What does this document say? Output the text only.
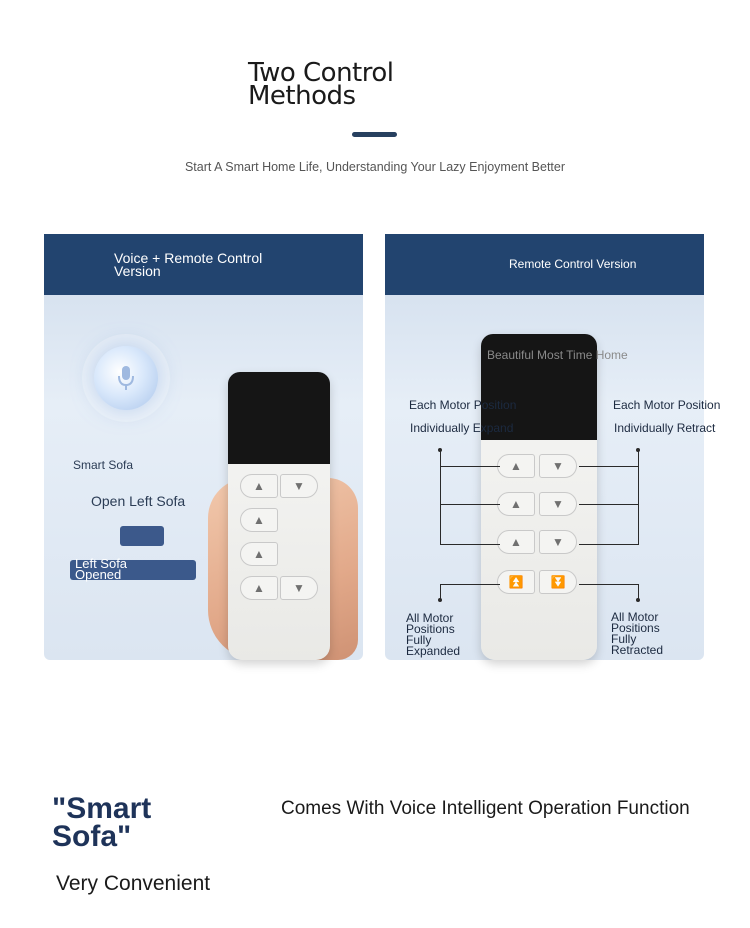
Two Control Methods
Start A Smart Home Life, Understanding Your Lazy Enjoyment Better
Voice + Remote Control Version
Smart Sofa
Open Left Sofa
Left Sofa Opened
▲	▼
▲
▲
▲	▼
Remote Control Version
Beautiful Most Time Home
▲	▼
▲	▼
▲	▼
⏫	⏬
Each Motor Position
Individually Expand
Each Motor Position
Individually Retract
All Motor Positions Fully Expanded
All Motor Positions Fully Retracted
"Smart Sofa"
Comes With Voice Intelligent Operation Function
Very Convenient
